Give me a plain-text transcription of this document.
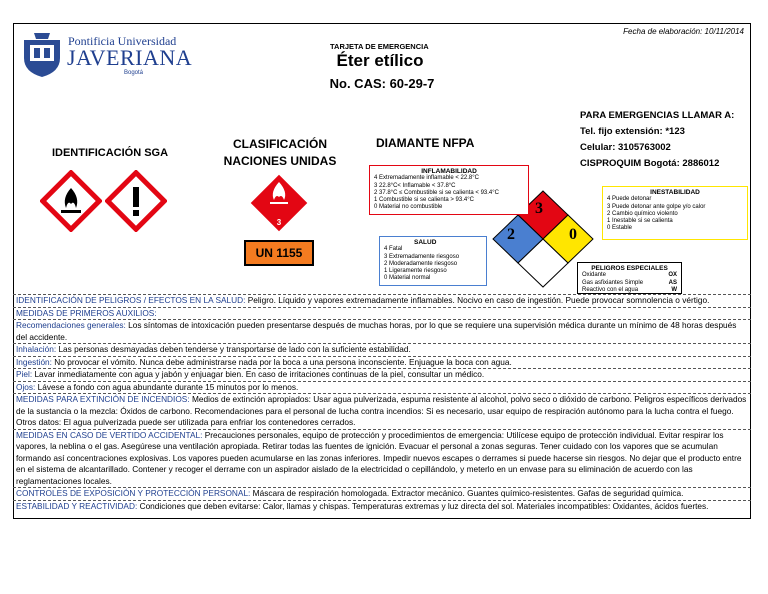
Pontificia Universidad
JAVERIANA
Bogotá
Fecha de elaboración: 10/11/2014
TARJETA DE EMERGENCIA
Éter etílico
No. CAS: 60-29-7
IDENTIFICACIÓN SGA
CLASIFICACIÓN
NACIONES UNIDAS
3
UN 1155
DIAMANTE NFPA
3
2	0
INFLAMABILIDAD
4 Extremadamente inflamable < 22.8°C
3 22.8°C< Inflamable < 37.8°C
2 37.8°C ≤ Combustible si se calienta < 93.4°C
1 Combustible si se calienta > 93.4°C
0 Material no combustible
SALUD
4 Fatal
3 Extremadamente riesgoso
2 Moderadamente riesgoso
1 Ligeramente riesgoso
0 Material normal
INESTABILIDAD
4 Puede detonar
3 Puede detonar ante golpe y/o calor
2 Cambio químico violento
1 Inestable si se calienta
0 Estable
PELIGROS ESPECIALES
Oxidante	OX
Gas asfixiantes Simple	AS
Reactivo con el agua	W
PARA EMERGENCIAS LLAMAR A:
Tel. fijo extensión: *123
Celular: 3105763002
CISPROQUIM Bogotá: 2886012
IDENTIFICACIÓN DE PELIGROS / EFECTOS EN LA SALUD: Peligro. Líquido y vapores extremadamente inflamables. Nocivo en caso de ingestión. Puede provocar somnolencia o vértigo.
MEDIDAS DE PRIMEROS AUXILIOS:
Recomendaciones generales: Los síntomas de intoxicación pueden presentarse después de muchas horas, por lo que se requiere una supervisión médica durante un mínimo de 48 horas después del accidente.
Inhalación: Las personas desmayadas deben tenderse y transportarse de lado con la suficiente estabilidad.
Ingestión: No provocar el vómito. Nunca debe administrarse nada por la boca a una persona inconsciente. Enjuague la boca con agua.
Piel: Lavar inmediatamente con agua y jabón y enjuagar bien. En caso de irritaciones continuas de la piel, consultar un médico.
Ojos: Lávese a fondo con agua abundante durante 15 minutos por lo menos.
MEDIDAS PARA EXTINCIÓN DE INCENDIOS: Medios de extinción apropiados: Usar agua pulverizada, espuma resistente al alcohol, polvo seco o dióxido de carbono. Peligros específicos derivados de la sustancia o la mezcla: Óxidos de carbono. Recomendaciones para el personal de lucha contra incendios: Si es necesario, usar equipo de respiración autónomo para la lucha contra el fuego. Otros datos: El agua pulverizada puede ser utilizada para enfriar los contenedores cerrados.
MEDIDAS EN CASO DE VERTIDO ACCIDENTAL: Precauciones personales, equipo de protección y procedimientos de emergencia: Utilícese equipo de protección individual. Evitar respirar los vapores, la neblina o el gas. Asegúrese una ventilación apropiada. Retirar todas las fuentes de ignición. Evacuar el personal a zonas seguras. Tener cuidado con los vapores que se acumulan formando así concentraciones explosivas. Los vapores pueden acumularse en las zonas inferiores. Impedir nuevos escapes o derrames si puede hacerse sin riesgos. No dejar que el producto entre en el sistema de alcantarillado. Contener y recoger el derrame con un aspirador aislado de la electricidad o cepillándolo, y meterlo en un envase para su eliminación de acuerdo con las reglamentaciones locales.
CONTROLES DE EXPOSICIÓN Y PROTECCIÓN PERSONAL: Máscara de respiración homologada. Extractor mecánico. Guantes químico-resistentes. Gafas de seguridad química.
ESTABILIDAD Y REACTIVIDAD: Condiciones que deben evitarse: Calor, llamas y chispas. Temperaturas extremas y luz directa del sol. Materiales incompatibles: Oxidantes, ácidos fuertes.
